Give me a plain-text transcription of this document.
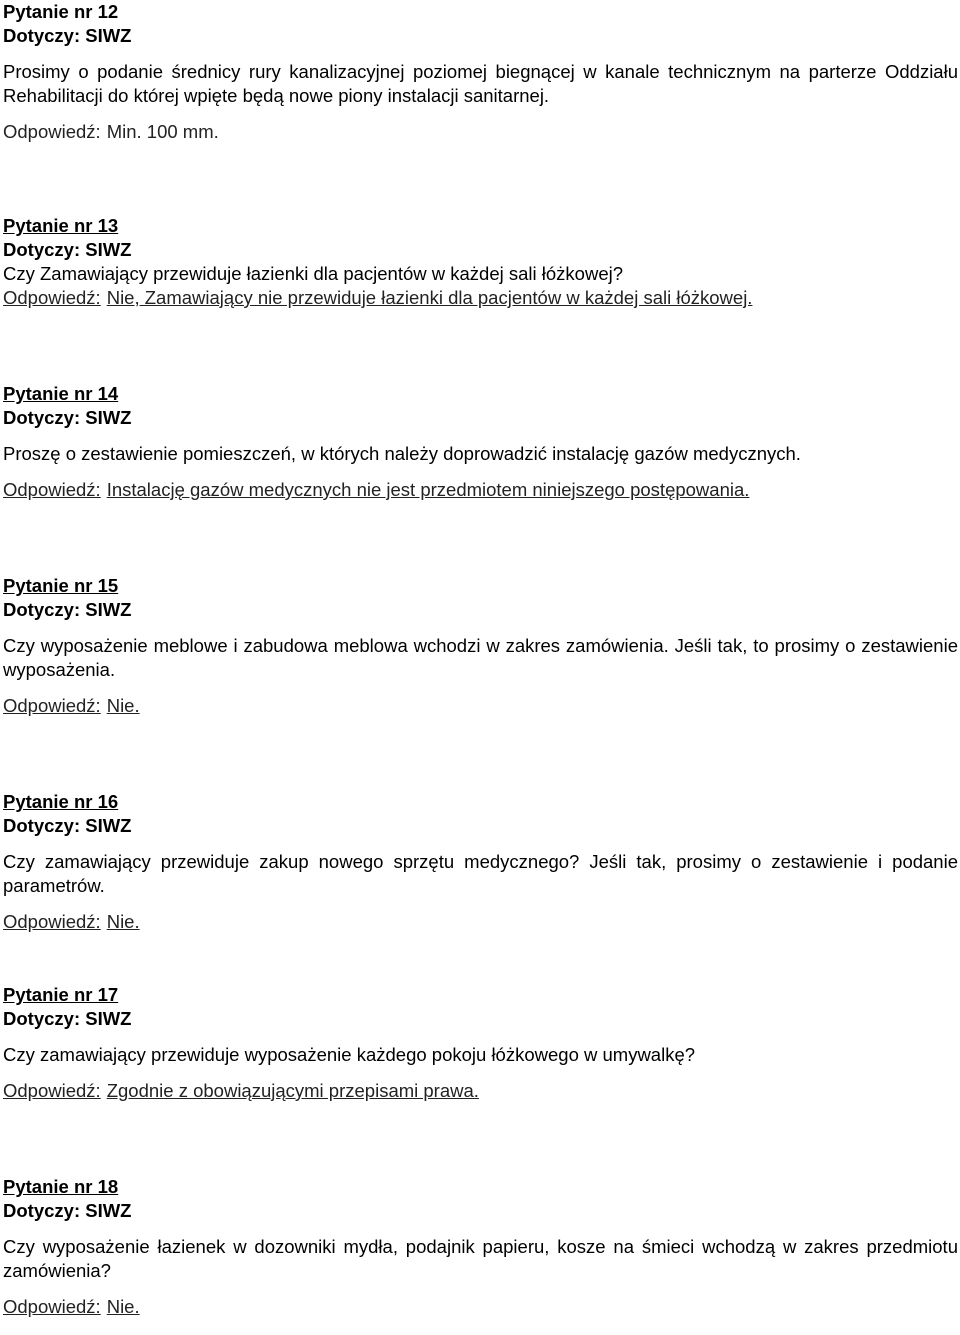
Pytanie nr 12
Dotyczy: SIWZ
Prosimy o podanie średnicy rury kanalizacyjnej poziomej biegnącej w kanale technicznym na parterze Oddziału Rehabilitacji do której wpięte będą nowe piony instalacji sanitarnej.
Odpowiedź: Min. 100 mm.
Pytanie nr 13
Dotyczy: SIWZ
Czy Zamawiający przewiduje łazienki dla pacjentów w każdej sali łóżkowej?
Odpowiedź: Nie, Zamawiający nie przewiduje łazienki dla pacjentów w każdej sali łóżkowej.
Pytanie nr 14
Dotyczy: SIWZ
Proszę o zestawienie pomieszczeń, w których należy doprowadzić instalację gazów medycznych.
Odpowiedź: Instalację gazów medycznych nie jest przedmiotem niniejszego postępowania.
Pytanie nr 15
Dotyczy: SIWZ
Czy wyposażenie meblowe i zabudowa meblowa wchodzi w zakres zamówienia. Jeśli tak, to prosimy o zestawienie wyposażenia.
Odpowiedź: Nie.
Pytanie nr 16
Dotyczy: SIWZ
Czy zamawiający przewiduje zakup nowego sprzętu medycznego? Jeśli tak, prosimy o zestawienie i podanie parametrów.
Odpowiedź: Nie.
Pytanie nr 17
Dotyczy: SIWZ
Czy zamawiający przewiduje wyposażenie każdego pokoju łóżkowego w umywalkę?
Odpowiedź: Zgodnie z obowiązującymi przepisami prawa.
Pytanie nr 18
Dotyczy: SIWZ
Czy wyposażenie łazienek w dozowniki mydła, podajnik papieru, kosze na śmieci wchodzą w zakres przedmiotu zamówienia?
Odpowiedź: Nie.
